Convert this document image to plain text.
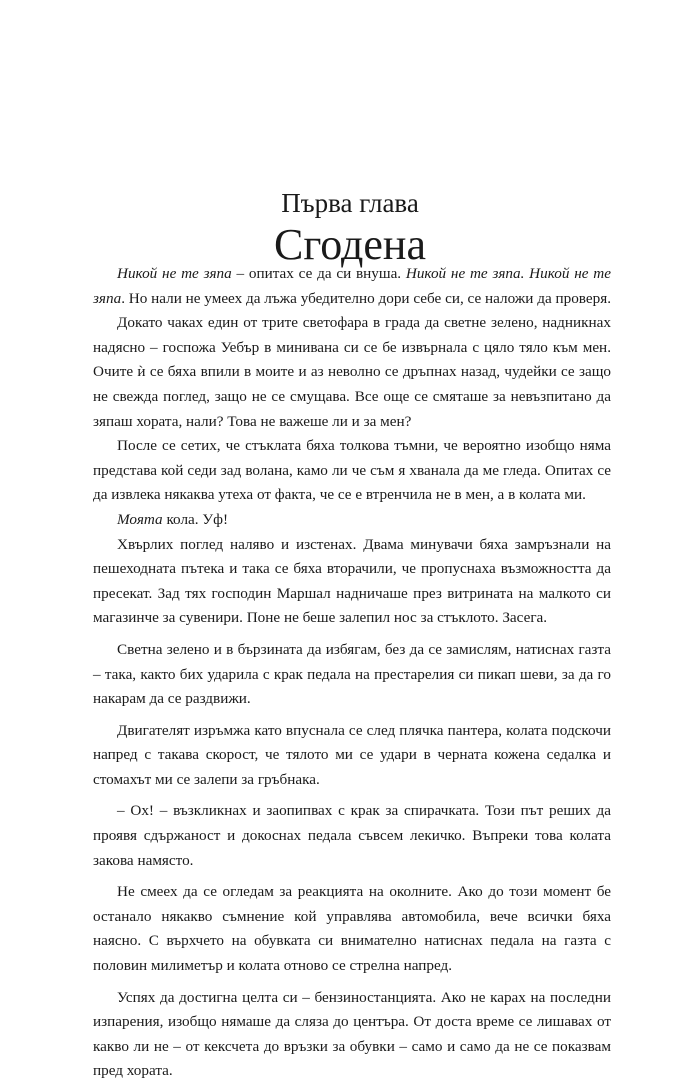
Първа глава
Сгодена

Никой не те зяпа – опитах се да си внуша. Никой не те зяпа. Никой не те зяпа. Но нали не умеех да лъжа убедително дори себе си, се наложи да проверя.

Докато чаках един от трите светофара в града да светне зелено, надникнах надясно – госпожа Уебър в миниванa си се бе извърнала с цяло тяло към мен. Очите ѝ се бяха впили в моите и аз неволно се дръпнах назад, чудейки се защо не свежда поглед, защо не се смущава. Все още се смяташе за невъзпитано да зяпаш хората, нали? Това не важеше ли и за мен?

После се сетих, че стъклата бяха толкова тъмни, че вероятно изобщо няма представа кой седи зад волана, камо ли че съм я хванала да ме гледа. Опитах се да извлека някаква утеха от факта, че се е втренчила не в мен, а в колата ми.

Моята кола. Уф!

Хвърлих поглед наляво и изстенах. Двама минувачи бяха замръзнали на пешеходната пътека и така се бяха вторачили, че пропуснаха възможността да пресекат. Зад тях господин Маршал надничаше през витрината на малкото си магазинче за сувенири. Поне не беше залепил нос за стъклото. Засега.

Светна зелено и в бързината да избягам, без да се замислям, натиснах газта – така, както бих ударила с крак педала на престарелия си пикап шеви, за да го накарам да се раздвижи.

Двигателят изръмжа като впуснала се след плячка пантера, колата подскочи напред с такава скорост, че тялото ми се удари в черната кожена седалка и стомахът ми се залепи за гръбнака.

– Ох! – възкликнах и заопипвах с крак за спирачката. Този път реших да проявя сдържаност и докоснах педала съвсем лекичко. Въпреки това колата закова намясто.

Не смеех да се огледам за реакцията на околните. Ако до този момент бе останало някакво съмнение кой управлява автомобила, вече всички бяха наясно. С върхчето на обувката си внимателно натиснах педала на газта с половин милиметър и колата отново се стрелна напред.

Успях да достигна целта си – бензиностанцията. Ако не карах на последни изпарения, изобщо нямаше да сляза до центъра. От доста време се лишавах от какво ли не – от кексчета до връзки за обувки – само и само да не се показвам пред хората.
